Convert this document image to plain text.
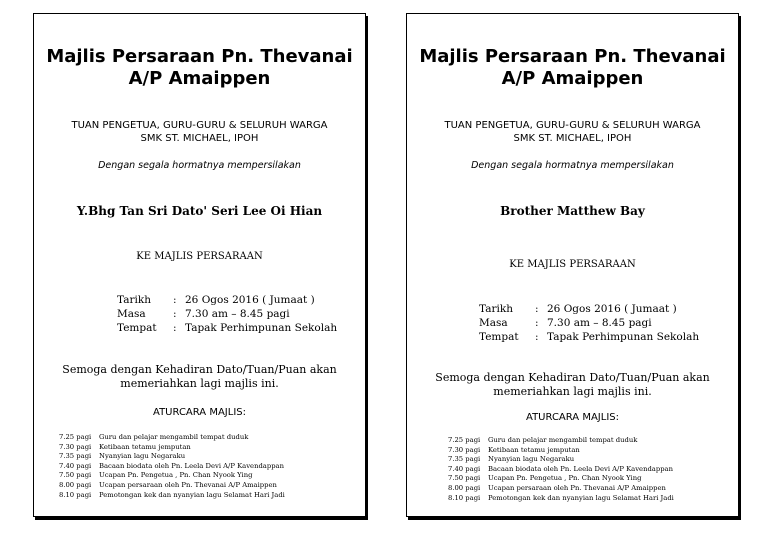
Majlis Persaraan Pn. Thevanai A/P Amaippen
TUAN PENGETUA, GURU-GURU & SELURUH WARGA
SMK ST. MICHAEL, IPOH
Dengan segala hormatnya mempersilakan
Y.Bhg Tan Sri Dato' Seri Lee Oi Hian
KE MAJLIS PERSARAAN
Tarikh	:	26 Ogos 2016 ( Jumaat )
Masa	:	7.30 am – 8.45 pagi
Tempat	:	Tapak Perhimpunan Sekolah
Semoga dengan Kehadiran Dato/Tuan/Puan akan
memeriahkan lagi majlis ini.
ATURCARA MAJLIS:
7.25 pagi	Guru dan pelajar mengambil tempat duduk
7.30 pagi	Ketibaan tetamu jemputan
7.35 pagi	Nyanyian lagu Negaraku
7.40 pagi	Bacaan biodata oleh Pn. Leela Devi A/P Kavendappan
7.50 pagi	Ucapan Pn. Pengetua , Pn. Chan Nyook Ying
8.00 pagi	Ucapan persaraan oleh Pn. Thevanai A/P Amaippen
8.10 pagi	Pemotongan kek dan nyanyian lagu Selamat Hari Jadi
Majlis Persaraan Pn. Thevanai A/P Amaippen
TUAN PENGETUA, GURU-GURU & SELURUH WARGA
SMK ST. MICHAEL, IPOH
Dengan segala hormatnya mempersilakan
Brother Matthew Bay
KE MAJLIS PERSARAAN
Tarikh	:	26 Ogos 2016 ( Jumaat )
Masa	:	7.30 am – 8.45 pagi
Tempat	:	Tapak Perhimpunan Sekolah
Semoga dengan Kehadiran Dato/Tuan/Puan akan
memeriahkan lagi majlis ini.
ATURCARA MAJLIS:
7.25 pagi	Guru dan pelajar mengambil tempat duduk
7.30 pagi	Ketibaan tetamu jemputan
7.35 pagi	Nyanyian lagu Negaraku
7.40 pagi	Bacaan biodata oleh Pn. Leela Devi A/P Kavendappan
7.50 pagi	Ucapan Pn. Pengetua , Pn. Chan Nyook Ying
8.00 pagi	Ucapan persaraan oleh Pn. Thevanai A/P Amaippen
8.10 pagi	Pemotongan kek dan nyanyian lagu Selamat Hari Jadi
